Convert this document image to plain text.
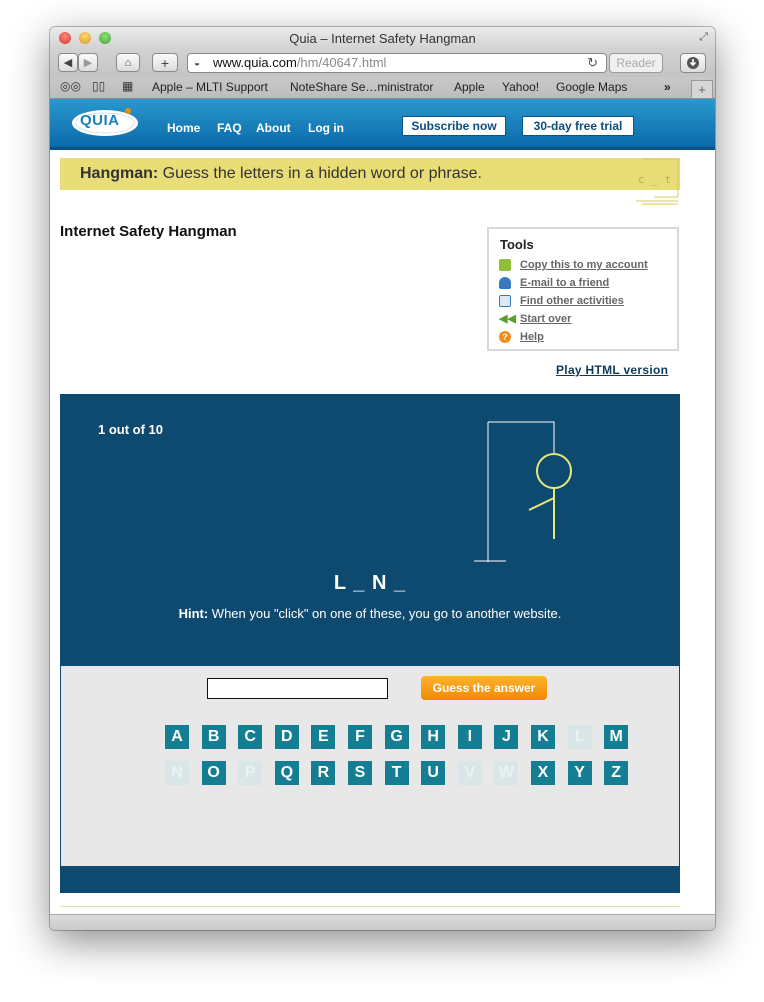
Quia – Internet Safety Hangman	⤢
◀	▶	⌂	+	◒ www.quia.com/hm/40647.html	↻	Reader
◎◎ ▯▯ ▦ Apple – MLTI Support NoteShare Se…ministrator Apple Yahoo! Google Maps	»	+
QUIA	Home FAQ About Log in	Subscribe now	30-day free trial
Hangman: Guess the letters in a hidden word or phrase.	c _ t
Internet Safety Hangman
Tools
Copy this to my account
E-mail to a friend
Find other activities
◀◀ Start over
? Help
Play HTML version
1 out of 10
L _ N _
Hint: When you "click" on one of these, you go to another website.
Guess the answer
A	B	C	D	E	F	G	H	I	J	K	L	M
N	O	P	Q	R	S	T	U	V	W	X	Y	Z
